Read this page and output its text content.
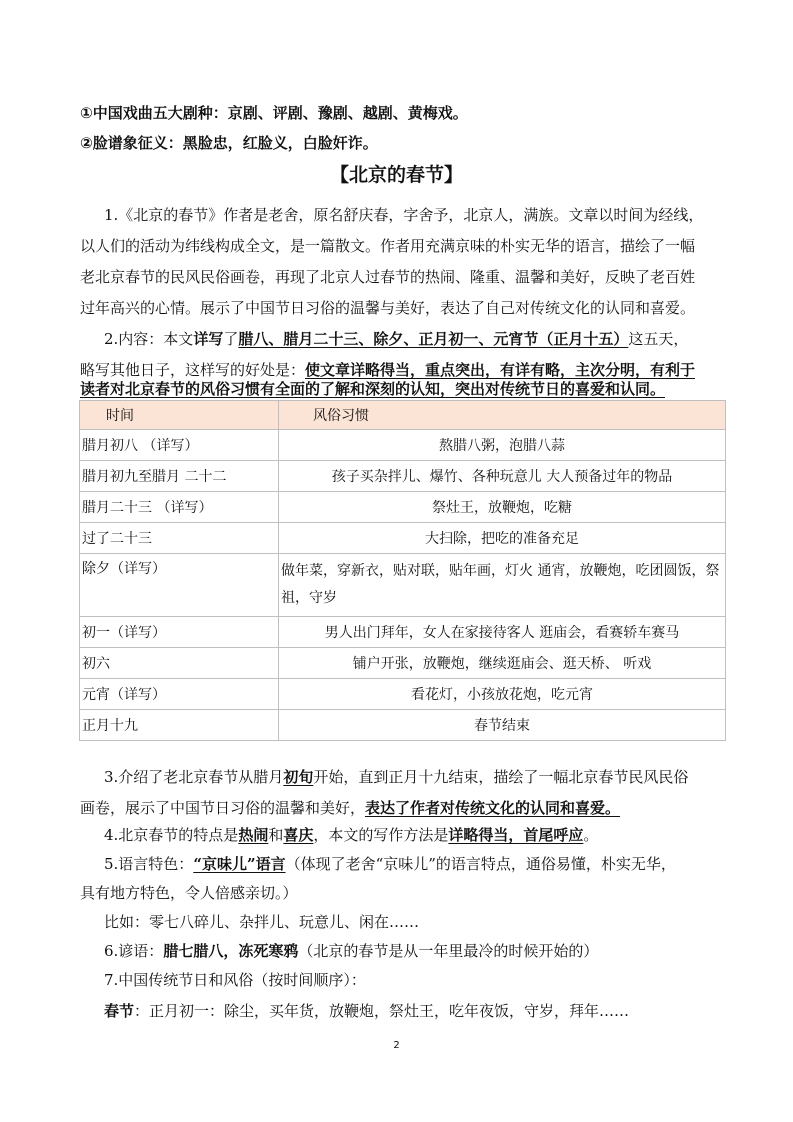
①中国戏曲五大剧种：京剧、评剧、豫剧、越剧、黄梅戏。
②脸谱象征义：黑脸忠，红脸义，白脸奸诈。
【北京的春节】
1.《北京的春节》作者是老舍，原名舒庆春，字舍予，北京人，满族。文章以时间为经线，
以人们的活动为纬线构成全文，是一篇散文。作者用充满京味的朴实无华的语言，描绘了一幅
老北京春节的民风民俗画卷，再现了北京人过春节的热闹、隆重、温馨和美好，反映了老百姓
过年高兴的心情。展示了中国节日习俗的温馨与美好，表达了自己对传统文化的认同和喜爱。
2.内容：本文详写了腊八、腊月二十三、除夕、正月初一、元宵节（正月十五）这五天，
略写其他日子，这样写的好处是：使文章详略得当，重点突出，有详有略，主次分明，有利于
读者对北京春节的风俗习惯有全面的了解和深刻的认知，突出对传统节日的喜爱和认同。
时间	风俗习惯
腊月初八 （详写）	熬腊八粥，泡腊八蒜
腊月初九至腊月 二十二	孩子买杂拌儿、爆竹、各种玩意儿 大人预备过年的物品
腊月二十三 （详写）	祭灶王，放鞭炮，吃糖
过了二十三	大扫除，把吃的准备充足
除夕（详写）	做年菜，穿新衣，贴对联，贴年画，灯火 通宵，放鞭炮，吃团圆饭，祭祖，守岁
初一（详写）	男人出门拜年，女人在家接待客人 逛庙会，看赛轿车赛马
初六	铺户开张，放鞭炮，继续逛庙会、逛天桥、 听戏
元宵（详写）	看花灯，小孩放花炮，吃元宵
正月十九	春节结束
3.介绍了老北京春节从腊月初旬开始，直到正月十九结束，描绘了一幅北京春节民风民俗
画卷，展示了中国节日习俗的温馨和美好，表达了作者对传统文化的认同和喜爱。
4.北京春节的特点是热闹和喜庆，本文的写作方法是详略得当，首尾呼应。
5.语言特色：“京味儿”语言（体现了老舍“京味儿”的语言特点，通俗易懂，朴实无华，
具有地方特色，令人倍感亲切。）
比如：零七八碎儿、杂拌儿、玩意儿、闲在……
6.谚语：腊七腊八，冻死寒鸦（北京的春节是从一年里最冷的时候开始的）
7.中国传统节日和风俗（按时间顺序）：
春节：正月初一：除尘，买年货，放鞭炮，祭灶王，吃年夜饭，守岁，拜年……
2
